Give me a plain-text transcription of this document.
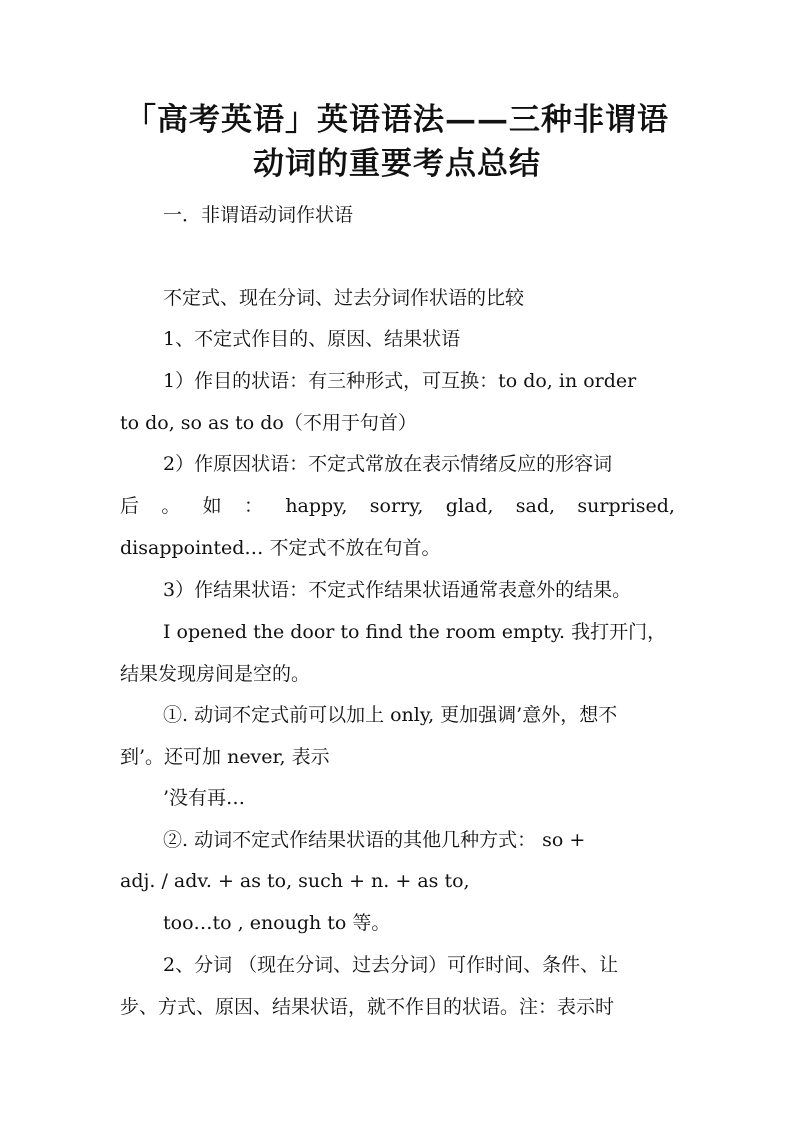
「高考英语」英语语法——三种非谓语
动词的重要考点总结

一．非谓语动词作状语

不定式、现在分词、过去分词作状语的比较

1、不定式作目的、原因、结果状语

1）作目的状语：有三种形式，可互换：to do, in order

to do, so as to do（不用于句首）

2）作原因状语：不定式常放在表示情绪反应的形容词

后 。 如 ： happy, sorry, glad, sad, surprised,

disappointed… 不定式不放在句首。

3）作结果状语：不定式作结果状语通常表意外的结果。

I opened the door to find the room empty. 我打开门，

结果发现房间是空的。

①. 动词不定式前可以加上 only, 更加强调’意外，想不

到’。还可加 never, 表示

’没有再…

②. 动词不定式作结果状语的其他几种方式： so +

adj. / adv. + as to, such + n. + as to,

too…to , enough to 等。

2、分词 （现在分词、过去分词）可作时间、条件、让

步、方式、原因、结果状语，就不作目的状语。注：表示时
